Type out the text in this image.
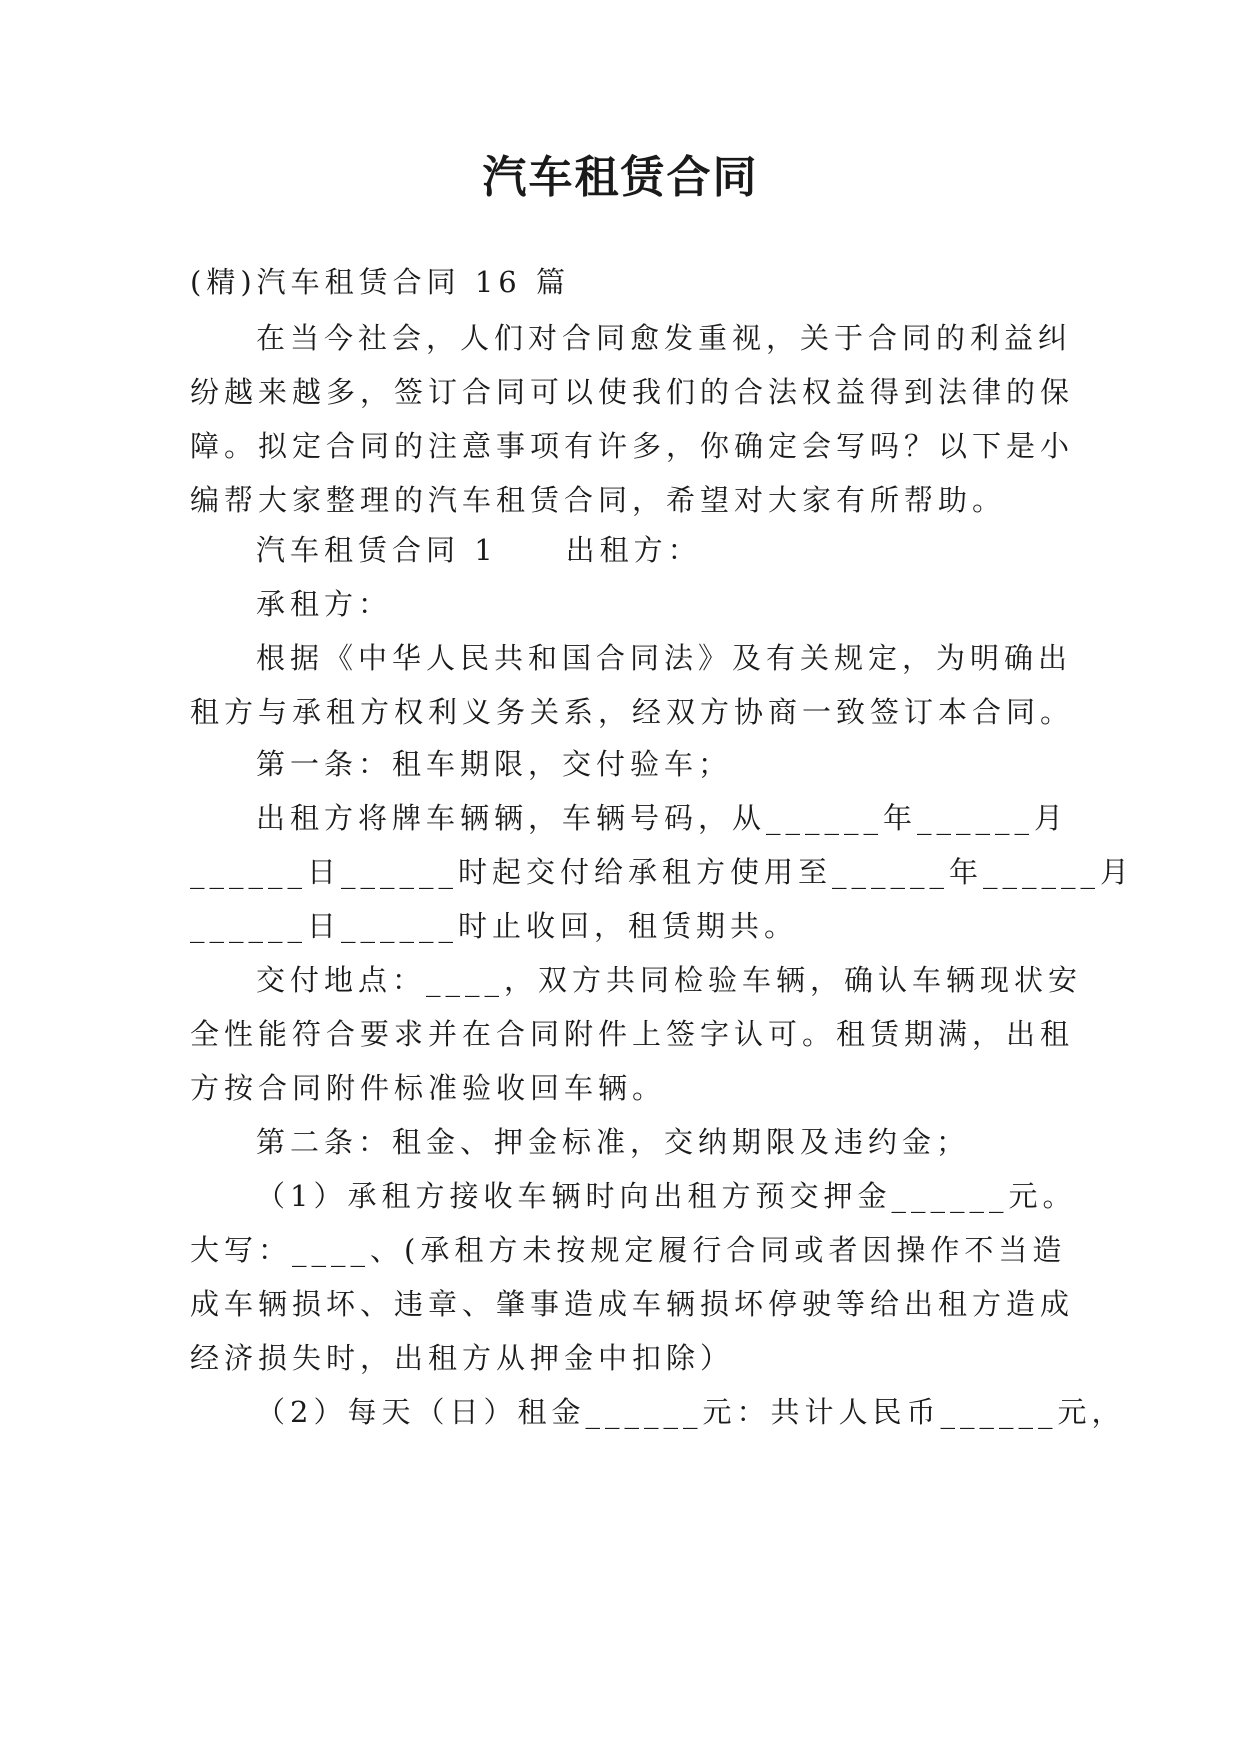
汽车租赁合同
(精)汽车租赁合同 16 篇
在当今社会，人们对合同愈发重视，关于合同的利益纠
纷越来越多，签订合同可以使我们的合法权益得到法律的保
障。拟定合同的注意事项有许多，你确定会写吗？以下是小
编帮大家整理的汽车租赁合同，希望对大家有所帮助。
汽车租赁合同 1　　出租方：
承租方：
根据《中华人民共和国合同法》及有关规定，为明确出
租方与承租方权利义务关系，经双方协商一致签订本合同。
第一条：租车期限，交付验车；
出租方将牌车辆辆，车辆号码，从______年______月
______日______时起交付给承租方使用至______年______月
______日______时止收回，租赁期共。
交付地点：____，双方共同检验车辆，确认车辆现状安
全性能符合要求并在合同附件上签字认可。租赁期满，出租
方按合同附件标准验收回车辆。
第二条：租金、押金标准，交纳期限及违约金；
（1）承租方接收车辆时向出租方预交押金______元。
大写：____、(承租方未按规定履行合同或者因操作不当造
成车辆损坏、违章、肇事造成车辆损坏停驶等给出租方造成
经济损失时，出租方从押金中扣除）
（2）每天（日）租金______元：共计人民币______元，
